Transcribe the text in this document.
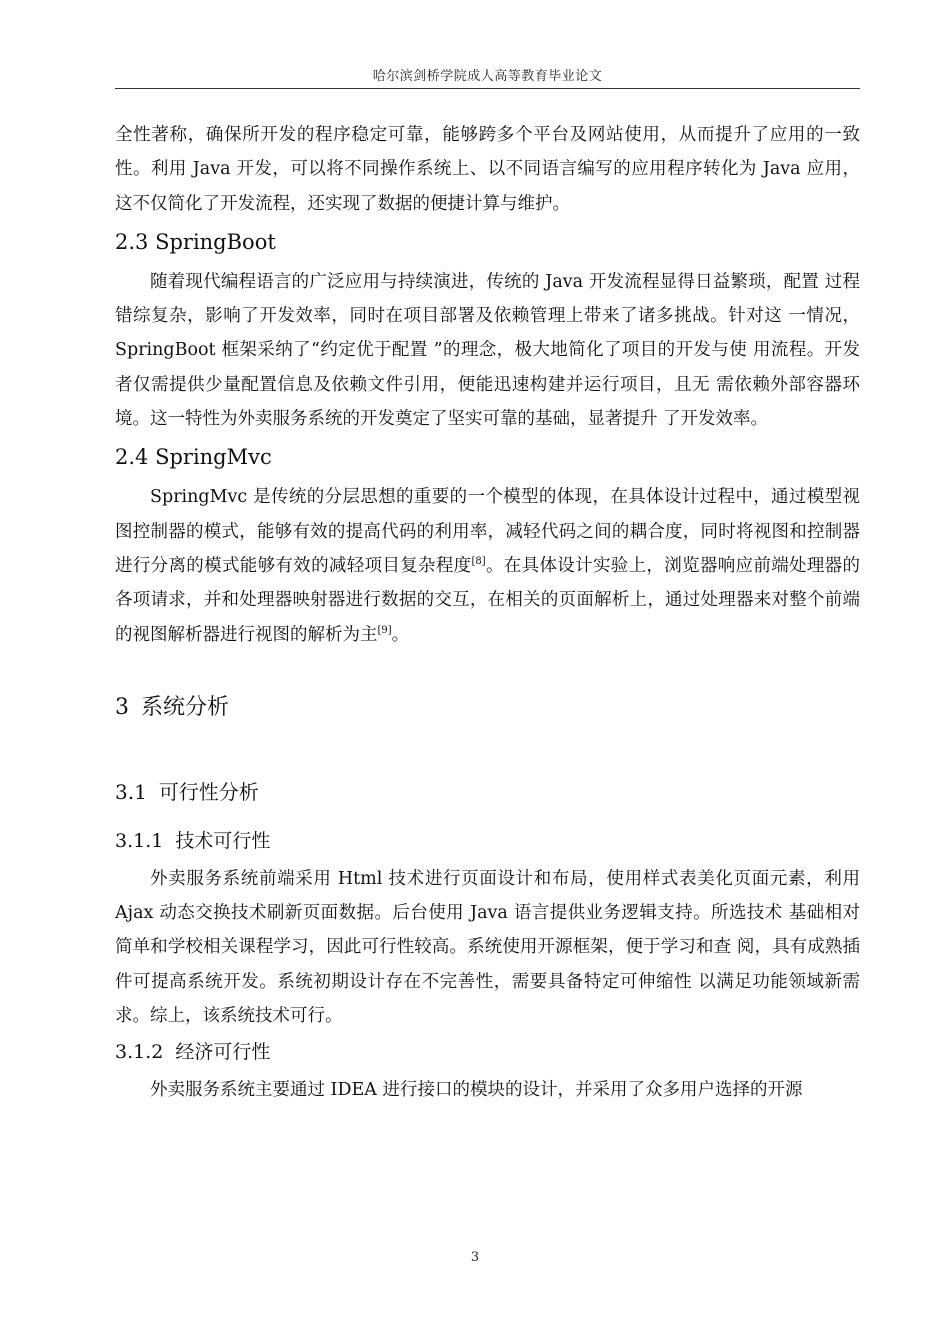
哈尔滨剑桥学院成人高等教育毕业论文

全性著称，确保所开发的程序稳定可靠，能够跨多个平台及网站使用，从而提升了应用的一致性。利用 Java 开发，可以将不同操作系统上、以不同语言编写的应用程序转化为 Java 应用，这不仅简化了开发流程，还实现了数据的便捷计算与维护。

2.3 SpringBoot

随着现代编程语言的广泛应用与持续演进，传统的 Java 开发流程显得日益繁琐，配置 过程错综复杂，影响了开发效率，同时在项目部署及依赖管理上带来了诸多挑战。针对这 一情况，SpringBoot 框架采纳了“约定优于配置 ”的理念，极大地简化了项目的开发与使 用流程。开发者仅需提供少量配置信息及依赖文件引用，便能迅速构建并运行项目，且无 需依赖外部容器环境。这一特性为外卖服务系统的开发奠定了坚实可靠的基础，显著提升 了开发效率。

2.4 SpringMvc

SpringMvc 是传统的分层思想的重要的一个模型的体现，在具体设计过程中，通过模型视图控制器的模式，能够有效的提高代码的利用率，减轻代码之间的耦合度，同时将视图和控制器进行分离的模式能够有效的减轻项目复杂程度[8]。在具体设计实验上，浏览器响应前端处理器的各项请求，并和处理器映射器进行数据的交互，在相关的页面解析上，通过处理器来对整个前端的视图解析器进行视图的解析为主[9]。

3 系统分析
3.1 可行性分析
3.1.1 技术可行性

外卖服务系统前端采用 Html 技术进行页面设计和布局，使用样式表美化页面元素，利用 Ajax 动态交换技术刷新页面数据。后台使用 Java 语言提供业务逻辑支持。所选技术 基础相对简单和学校相关课程学习，因此可行性较高。系统使用开源框架，便于学习和查 阅，具有成熟插件可提高系统开发。系统初期设计存在不完善性，需要具备特定可伸缩性 以满足功能领域新需求。综上，该系统技术可行。

3.1.2 经济可行性

外卖服务系统主要通过 IDEA 进行接口的模块的设计，并采用了众多用户选择的开源

3
